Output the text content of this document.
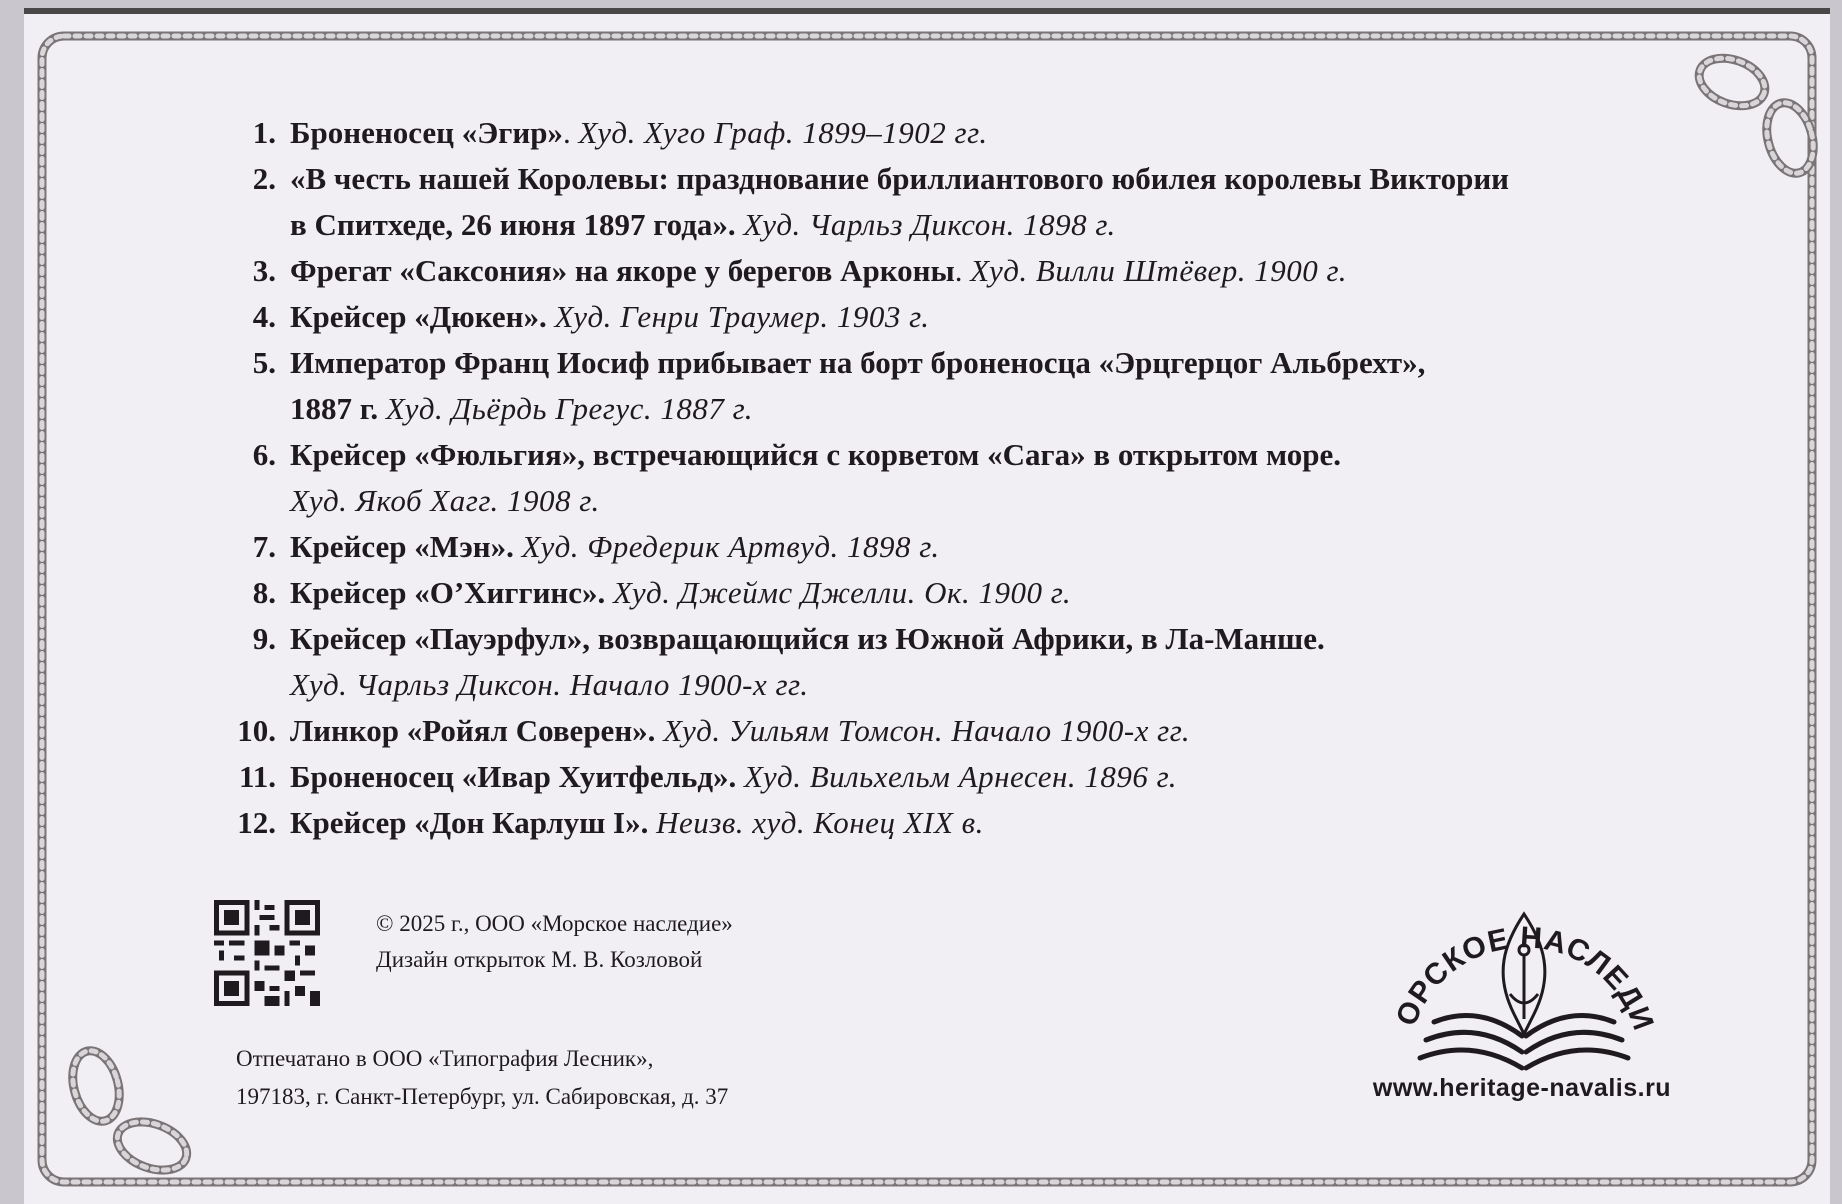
1. Броненосец «Эгир». Худ. Хуго Граф. 1899–1902 гг.
2. «В честь нашей Королевы: празднование бриллиантового юбилея королевы Виктории
в Спитхеде, 26 июня 1897 года». Худ. Чарльз Диксон. 1898 г.
3. Фрегат «Саксония» на якоре у берегов Арконы. Худ. Вилли Штёвер. 1900 г.
4. Крейсер «Дюкен». Худ. Генри Траумер. 1903 г.
5. Император Франц Иосиф прибывает на борт броненосца «Эрцгерцог Альбрехт»,
1887 г. Худ. Дьёрдь Грегус. 1887 г.
6. Крейсер «Фюльгия», встречающийся с корветом «Сага» в открытом море.
Худ. Якоб Хагг. 1908 г.
7. Крейсер «Мэн». Худ. Фредерик Артвуд. 1898 г.
8. Крейсер «О’Хиггинс». Худ. Джеймс Джелли. Ок. 1900 г.
9. Крейсер «Пауэрфул», возвращающийся из Южной Африки, в Ла-Манше.
Худ. Чарльз Диксон. Начало 1900-х гг.
10. Линкор «Ройял Соверен». Худ. Уильям Томсон. Начало 1900-х гг.
11. Броненосец «Ивар Хуитфельд». Худ. Вильхельм Арнесен. 1896 г.
12. Крейсер «Дон Карлуш I». Неизв. худ. Конец XIX в.
© 2025 г., ООО «Морское наследие»
Дизайн открыток М. В. Козловой
Отпечатано в ООО «Типография Лесник»,
197183, г. Санкт-Петербург, ул. Сабировская, д. 37
ОРСКОЕ НАСЛЕДИ
www.heritage-navalis.ru
